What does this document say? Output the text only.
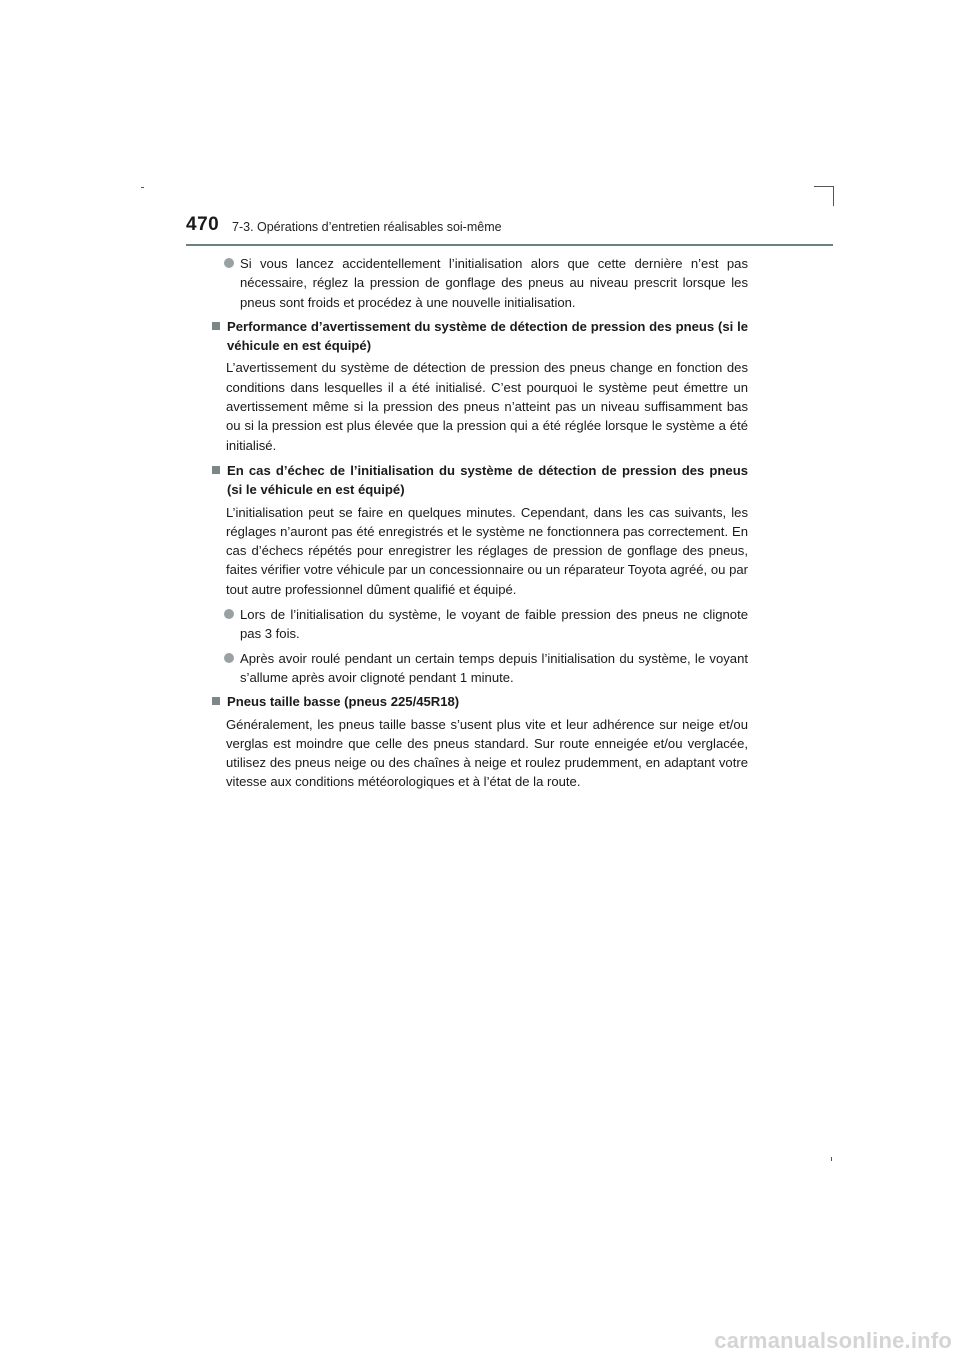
470 7-3. Opérations d’entretien réalisables soi-même

Si vous lancez accidentellement l’initialisation alors que cette dernière n’est pas nécessaire, réglez la pression de gonflage des pneus au niveau prescrit lorsque les pneus sont froids et procédez à une nouvelle initialisation.

Performance d’avertissement du système de détection de pression des pneus (si le véhicule en est équipé)

L’avertissement du système de détection de pression des pneus change en fonction des conditions dans lesquelles il a été initialisé. C’est pourquoi le système peut émettre un avertissement même si la pression des pneus n’atteint pas un niveau suffisamment bas ou si la pression est plus élevée que la pression qui a été réglée lorsque le système a été initialisé.

En cas d’échec de l’initialisation du système de détection de pression des pneus (si le véhicule en est équipé)

L’initialisation peut se faire en quelques minutes. Cependant, dans les cas suivants, les réglages n’auront pas été enregistrés et le système ne fonctionnera pas correctement. En cas d’échecs répétés pour enregistrer les réglages de pression de gonflage des pneus, faites vérifier votre véhicule par un concessionnaire ou un réparateur Toyota agréé, ou par tout autre professionnel dûment qualifié et équipé.

Lors de l’initialisation du système, le voyant de faible pression des pneus ne clignote pas 3 fois.

Après avoir roulé pendant un certain temps depuis l’initialisation du système, le voyant s’allume après avoir clignoté pendant 1 minute.

Pneus taille basse (pneus 225/45R18)

Généralement, les pneus taille basse s’usent plus vite et leur adhérence sur neige et/ou verglas est moindre que celle des pneus standard. Sur route enneigée et/ou verglacée, utilisez des pneus neige ou des chaînes à neige et roulez prudemment, en adaptant votre vitesse aux conditions météorologiques et à l’état de la route.

carmanualsonline.info
